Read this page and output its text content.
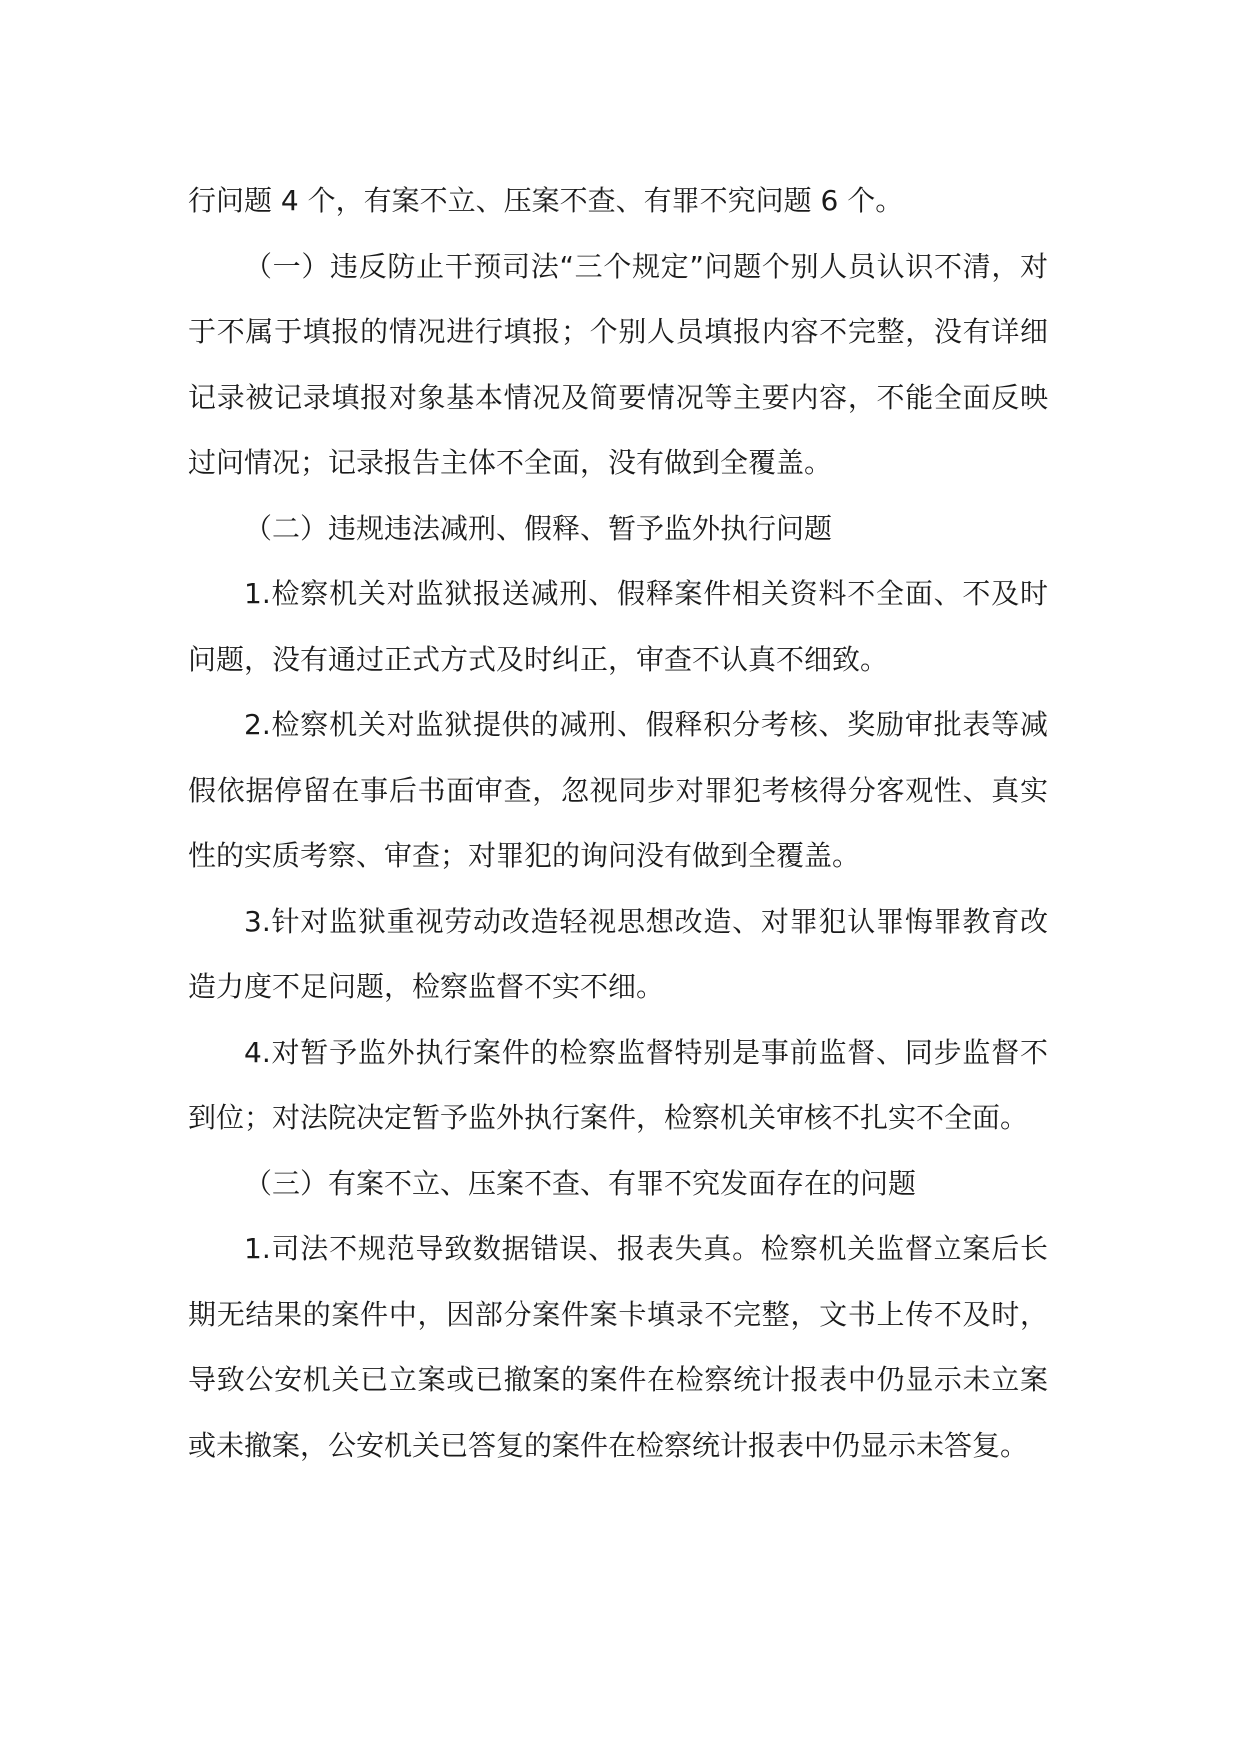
行问题 4 个，有案不立、压案不查、有罪不究问题 6 个。

（一）违反防止干预司法“三个规定”问题个别人员认识不清，对于不属于填报的情况进行填报；个别人员填报内容不完整，没有详细记录被记录填报对象基本情况及简要情况等主要内容，不能全面反映过问情况；记录报告主体不全面，没有做到全覆盖。

（二）违规违法减刑、假释、暂予监外执行问题

1.检察机关对监狱报送减刑、假释案件相关资料不全面、不及时问题，没有通过正式方式及时纠正，审查不认真不细致。

2.检察机关对监狱提供的减刑、假释积分考核、奖励审批表等减假依据停留在事后书面审查，忽视同步对罪犯考核得分客观性、真实性的实质考察、审查；对罪犯的询问没有做到全覆盖。

3.针对监狱重视劳动改造轻视思想改造、对罪犯认罪悔罪教育改造力度不足问题，检察监督不实不细。

4.对暂予监外执行案件的检察监督特别是事前监督、同步监督不到位；对法院决定暂予监外执行案件，检察机关审核不扎实不全面。

（三）有案不立、压案不查、有罪不究发面存在的问题

1.司法不规范导致数据错误、报表失真。检察机关监督立案后长期无结果的案件中，因部分案件案卡填录不完整，文书上传不及时，导致公安机关已立案或已撤案的案件在检察统计报表中仍显示未立案或未撤案，公安机关已答复的案件在检察统计报表中仍显示未答复。
